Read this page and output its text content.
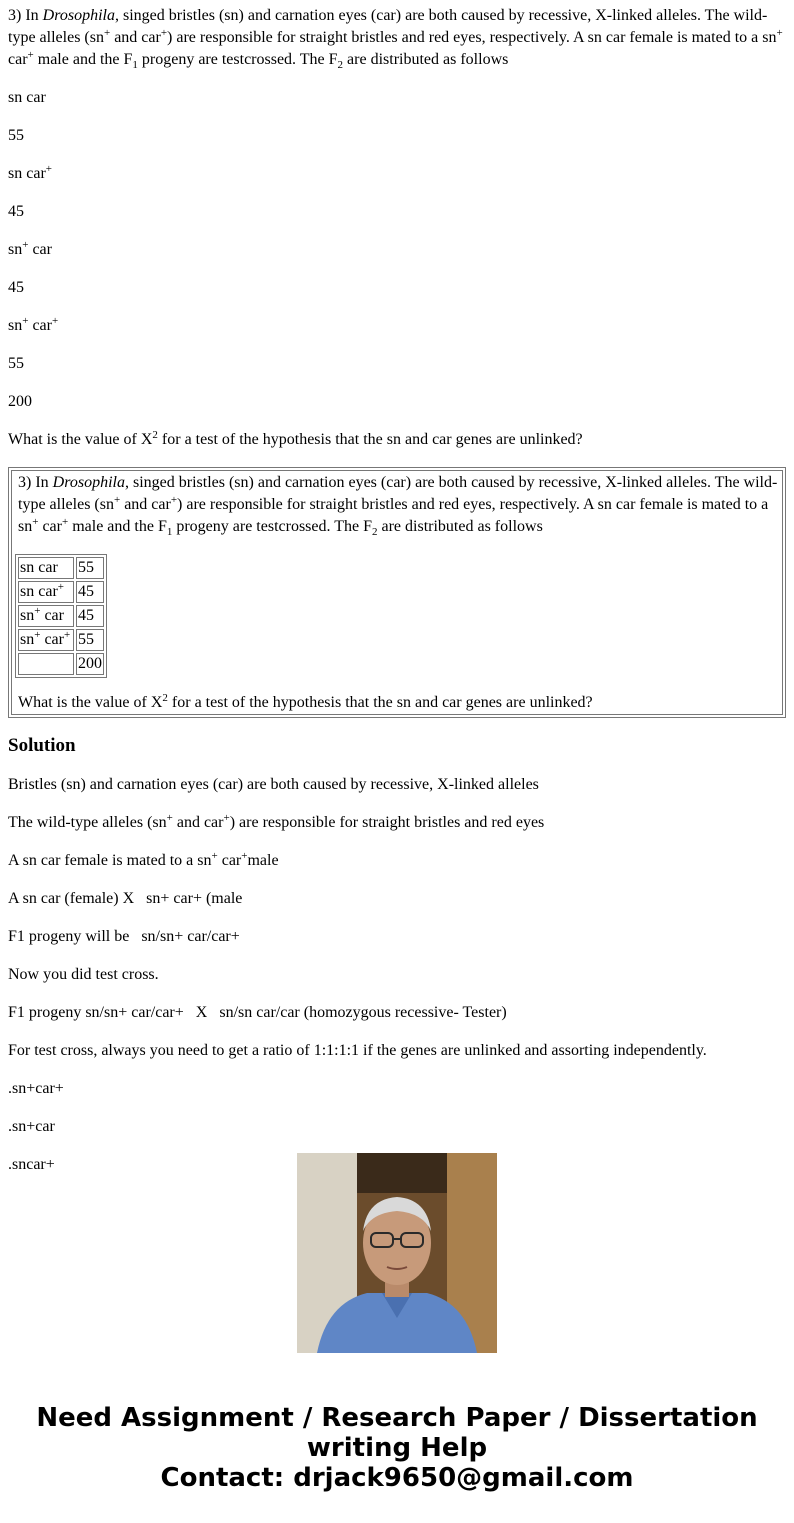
3) In Drosophila, singed bristles (sn) and carnation eyes (car) are both caused by recessive, X-linked alleles. The wild-type alleles (sn+ and car+) are responsible for straight bristles and red eyes, respectively. A sn car female is mated to a sn+ car+ male and the $F_1$ progeny are testcrossed. The $F_2$ are distributed as follows

sn car

55

sn car+

45

sn+ car

45

sn+ car+

55

200

What is the value of $X^2$ for a test of the hypothesis that the sn and car genes are unlinked?

3) In Drosophila, singed bristles (sn) and carnation eyes (car) are both caused by recessive, X-linked alleles. The wild-type alleles (sn+ and car+) are responsible for straight bristles and red eyes, respectively. A sn car female is mated to a sn+ car+ male and the $F_1$ progeny are testcrossed. The $F_2$ are distributed as follows

sn car	55
sn car+	45
sn+ car	45
sn+ car+	55
	200

What is the value of $X^2$ for a test of the hypothesis that the sn and car genes are unlinked?

Solution

Bristles (sn) and carnation eyes (car) are both caused by recessive, X-linked alleles

The wild-type alleles (sn+ and car+) are responsible for straight bristles and red eyes

A sn car female is mated to a sn+ car+male

A sn car (female) X   sn+ car+ (male

F1 progeny will be   sn/sn+ car/car+

Now you did test cross.

F1 progeny sn/sn+ car/car+   X   sn/sn car/car (homozygous recessive- Tester)

For test cross, always you need to get a ratio of 1:1:1:1 if the genes are unlinked and assorting independently.

.sn+car+

.sn+car

.sncar+

Need Assignment / Research Paper / Dissertation
writing Help
Contact: drjack9650@gmail.com
